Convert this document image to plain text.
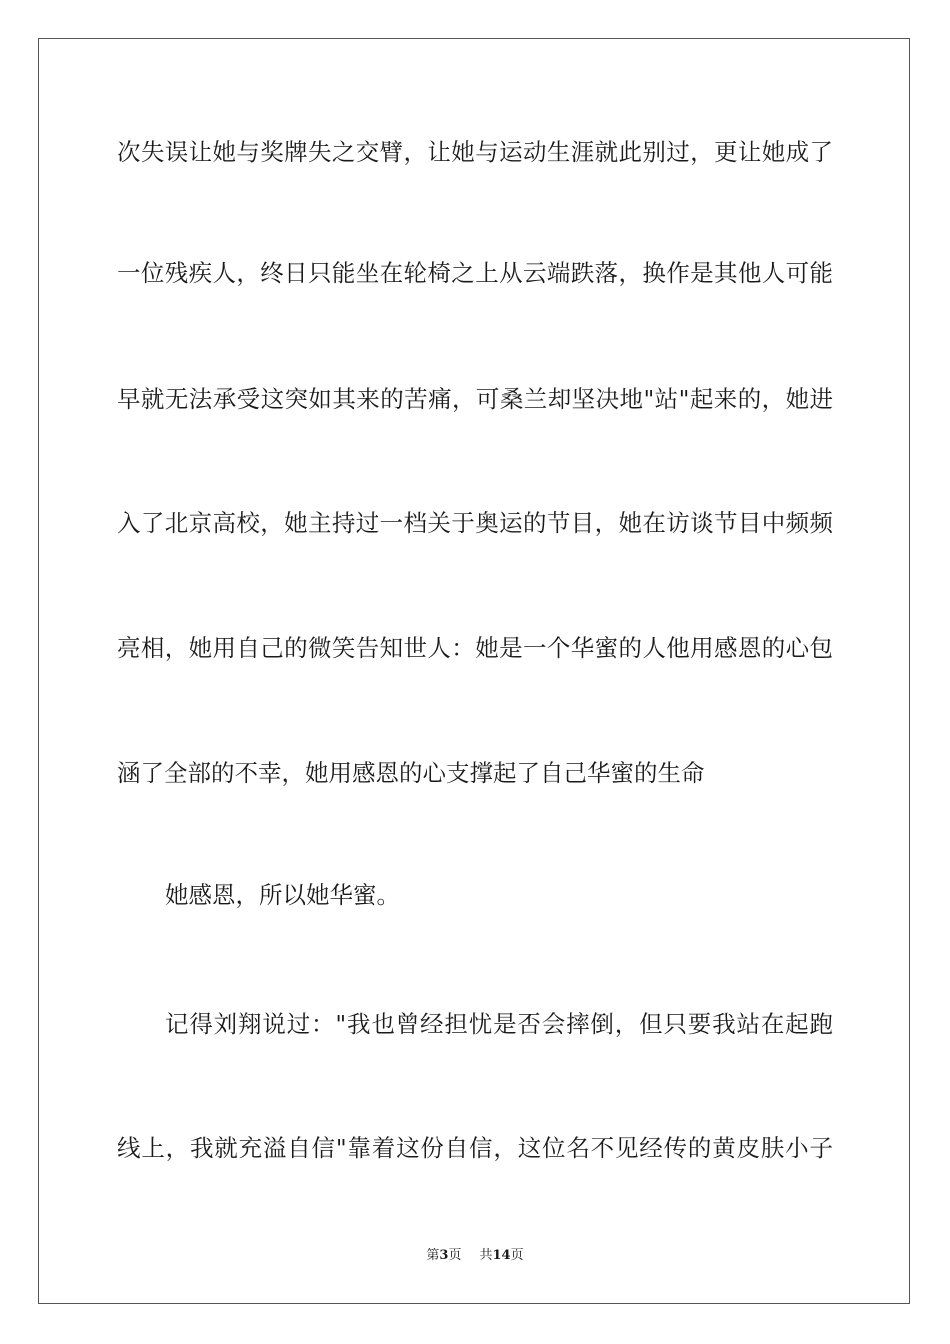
次失误让她与奖牌失之交臂，让她与运动生涯就此别过，更让她成了
一位残疾人，终日只能坐在轮椅之上从云端跌落，换作是其他人可能
早就无法承受这突如其来的苦痛，可桑兰却坚决地"站"起来的，她进
入了北京高校，她主持过一档关于奥运的节目，她在访谈节目中频频
亮相，她用自己的微笑告知世人：她是一个华蜜的人他用感恩的心包
涵了全部的不幸，她用感恩的心支撑起了自己华蜜的生命
她感恩，所以她华蜜。
记得刘翔说过："我也曾经担忧是否会摔倒，但只要我站在起跑
线上，我就充溢自信"靠着这份自信，这位名不见经传的黄皮肤小子
第3页 共14页
